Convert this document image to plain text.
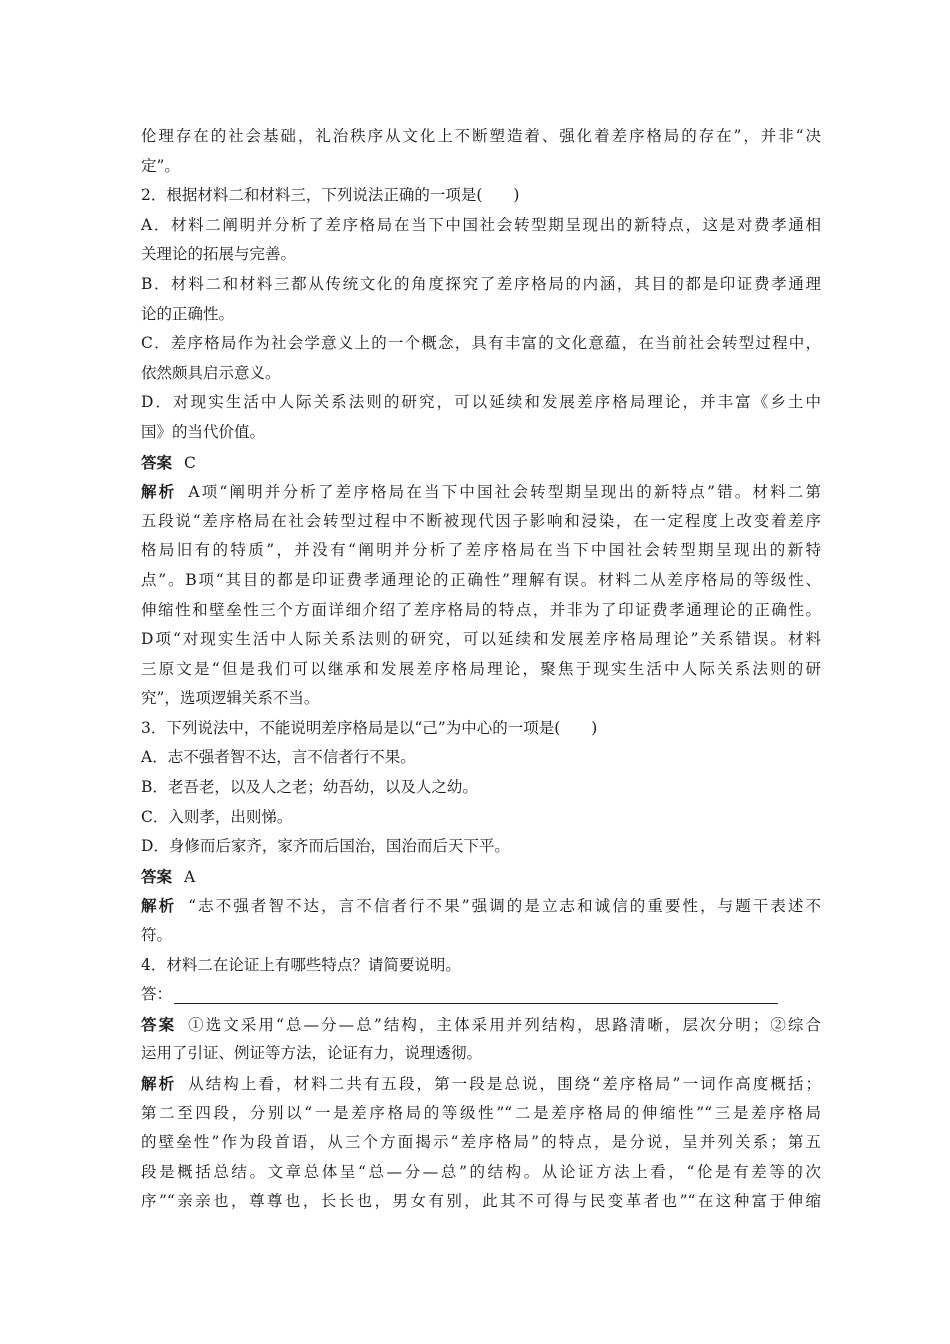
伦理存在的社会基础，礼治秩序从文化上不断塑造着、强化着差序格局的存在”，并非“决
定”。
2．根据材料二和材料三，下列说法正确的一项是(　　)
A．材料二阐明并分析了差序格局在当下中国社会转型期呈现出的新特点，这是对费孝通相
关理论的拓展与完善。
B．材料二和材料三都从传统文化的角度探究了差序格局的内涵，其目的都是印证费孝通理
论的正确性。
C．差序格局作为社会学意义上的一个概念，具有丰富的文化意蕴，在当前社会转型过程中，
依然颇具启示意义。
D．对现实生活中人际关系法则的研究，可以延续和发展差序格局理论，并丰富《乡土中
国》的当代价值。
答案 C
解析 A项“阐明并分析了差序格局在当下中国社会转型期呈现出的新特点”错。材料二第
五段说“差序格局在社会转型过程中不断被现代因子影响和浸染，在一定程度上改变着差序
格局旧有的特质”，并没有“阐明并分析了差序格局在当下中国社会转型期呈现出的新特
点”。B项“其目的都是印证费孝通理论的正确性”理解有误。材料二从差序格局的等级性、
伸缩性和壁垒性三个方面详细介绍了差序格局的特点，并非为了印证费孝通理论的正确性。
D项“对现实生活中人际关系法则的研究，可以延续和发展差序格局理论”关系错误。材料
三原文是“但是我们可以继承和发展差序格局理论，聚焦于现实生活中人际关系法则的研
究”，选项逻辑关系不当。
3．下列说法中，不能说明差序格局是以“己”为中心的一项是(　　)
A．志不强者智不达，言不信者行不果。
B．老吾老，以及人之老；幼吾幼，以及人之幼。
C．入则孝，出则悌。
D．身修而后家齐，家齐而后国治，国治而后天下平。
答案 A
解析 “志不强者智不达，言不信者行不果”强调的是立志和诚信的重要性，与题干表述不
符。
4．材料二在论证上有哪些特点？请简要说明。
答：
答案 ①选文采用“总—分—总”结构，主体采用并列结构，思路清晰，层次分明；②综合
运用了引证、例证等方法，论证有力，说理透彻。
解析 从结构上看，材料二共有五段，第一段是总说，围绕“差序格局”一词作高度概括；
第二至四段，分别以“一是差序格局的等级性”“二是差序格局的伸缩性”“三是差序格局
的壁垒性”作为段首语，从三个方面揭示“差序格局”的特点，是分说，呈并列关系；第五
段是概括总结。文章总体呈“总—分—总”的结构。从论证方法上看，“伦是有差等的次
序”“亲亲也，尊尊也，长长也，男女有别，此其不可得与民变革者也”“在这种富于伸缩
